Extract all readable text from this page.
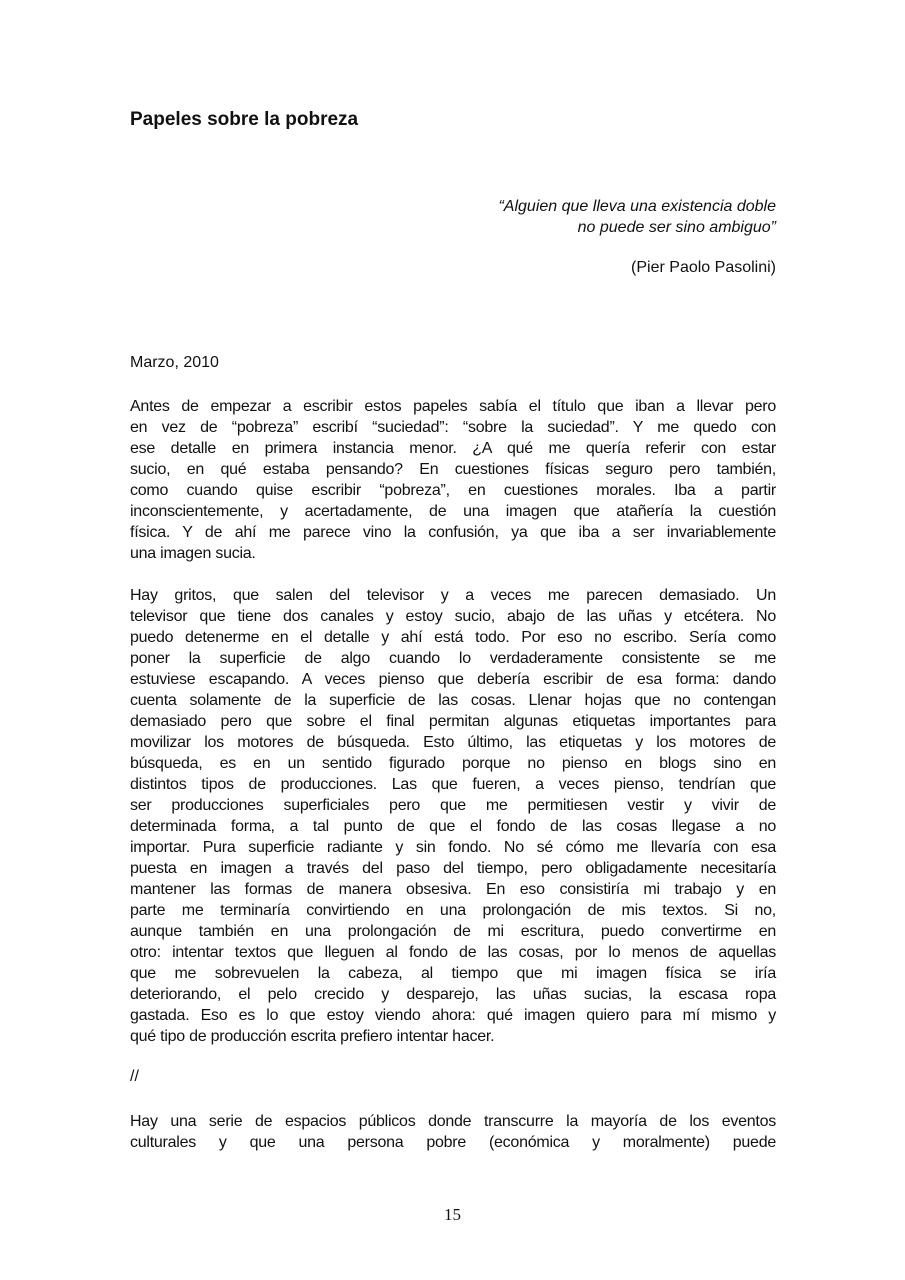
Papeles sobre la pobreza
“Alguien que lleva una existencia doble
no puede ser sino ambiguo”
(Pier Paolo Pasolini)
Marzo, 2010
Antes de empezar a escribir estos papeles sabía el título que iban a llevar pero
en vez de “pobreza” escribí “suciedad”: “sobre la suciedad”. Y me quedo con
ese detalle en primera instancia menor. ¿A qué me quería referir con estar
sucio, en qué estaba pensando? En cuestiones físicas seguro pero también,
como cuando quise escribir “pobreza”, en cuestiones morales. Iba a partir
inconscientemente, y acertadamente, de una imagen que atañería la cuestión
física. Y de ahí me parece vino la confusión, ya que iba a ser invariablemente
una imagen sucia.
Hay gritos, que salen del televisor y a veces me parecen demasiado. Un
televisor que tiene dos canales y estoy sucio, abajo de las uñas y etcétera. No
puedo detenerme en el detalle y ahí está todo. Por eso no escribo. Sería como
poner la superficie de algo cuando lo verdaderamente consistente se me
estuviese escapando. A veces pienso que debería escribir de esa forma: dando
cuenta solamente de la superficie de las cosas. Llenar hojas que no contengan
demasiado pero que sobre el final permitan algunas etiquetas importantes para
movilizar los motores de búsqueda. Esto último, las etiquetas y los motores de
búsqueda, es en un sentido figurado porque no pienso en blogs sino en
distintos tipos de producciones. Las que fueren, a veces pienso, tendrían que
ser producciones superficiales pero que me permitiesen vestir y vivir de
determinada forma, a tal punto de que el fondo de las cosas llegase a no
importar. Pura superficie radiante y sin fondo. No sé cómo me llevaría con esa
puesta en imagen a través del paso del tiempo, pero obligadamente necesitaría
mantener las formas de manera obsesiva. En eso consistiría mi trabajo y en
parte me terminaría convirtiendo en una prolongación de mis textos. Si no,
aunque también en una prolongación de mi escritura, puedo convertirme en
otro: intentar textos que lleguen al fondo de las cosas, por lo menos de aquellas
que me sobrevuelen la cabeza, al tiempo que mi imagen física se iría
deteriorando, el pelo crecido y desparejo, las uñas sucias, la escasa ropa
gastada. Eso es lo que estoy viendo ahora: qué imagen quiero para mí mismo y
qué tipo de producción escrita prefiero intentar hacer.
//
Hay una serie de espacios públicos donde transcurre la mayoría de los eventos
culturales y que una persona pobre (económica y moralmente) puede
15
